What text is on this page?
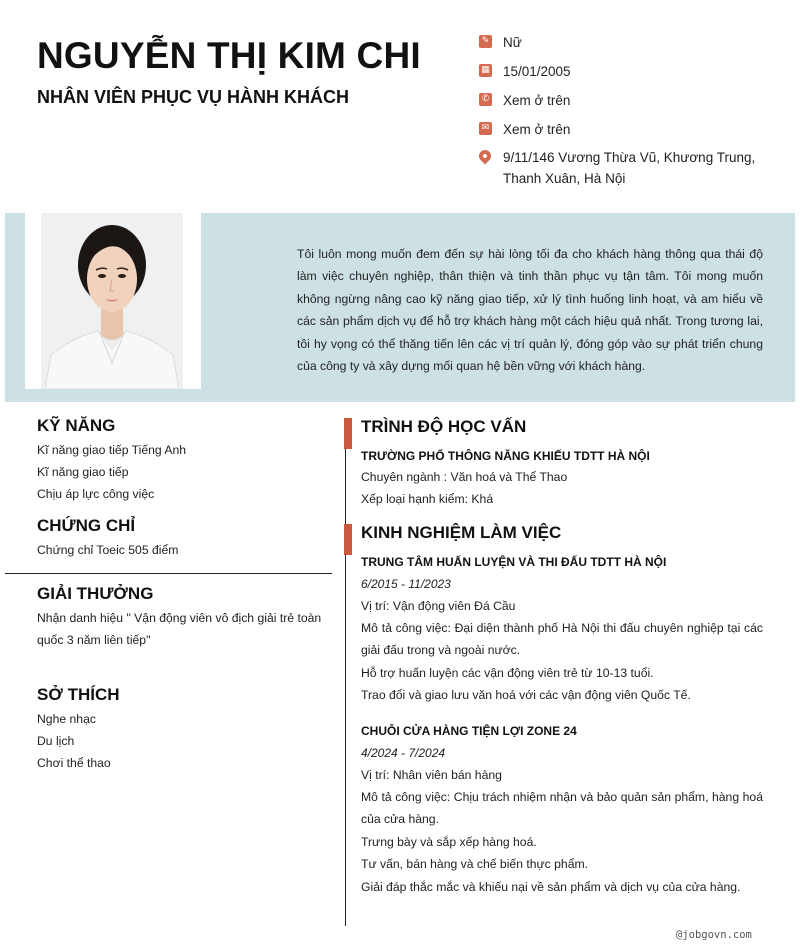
NGUYỄN THỊ KIM CHI
NHÂN VIÊN PHỤC VỤ HÀNH KHÁCH
✎ Nữ
▦ 15/01/2005
✆ Xem ở trên
✉ Xem ở trên
9/11/146 Vương Thừa Vũ, Khương Trung,
Thanh Xuân, Hà Nội
Tôi luôn mong muốn đem đến sự hài lòng tối đa cho khách hàng thông qua thái độ làm việc chuyên nghiệp, thân thiện và tinh thần phục vụ tận tâm. Tôi mong muốn không ngừng nâng cao kỹ năng giao tiếp, xử lý tình huống linh hoạt, và am hiểu về các sản phẩm dịch vụ để hỗ trợ khách hàng một cách hiệu quả nhất. Trong tương lai, tôi hy vọng có thể thăng tiến lên các vị trí quản lý, đóng góp vào sự phát triển chung của công ty và xây dựng mối quan hệ bền vững với khách hàng.
KỸ NĂNG
Kĩ năng giao tiếp Tiếng Anh
Kĩ năng giao tiếp
Chịu áp lực công việc
CHỨNG CHỈ
Chứng chỉ Toeic 505 điểm
GIẢI THƯỞNG
Nhận danh hiệu " Vận động viên vô địch giải trẻ toàn
quốc 3 năm liên tiếp"
SỞ THÍCH
Nghe nhạc
Du lịch
Chơi thể thao
TRÌNH ĐỘ HỌC VẤN
TRƯỜNG PHỔ THÔNG NĂNG KHIẾU TDTT HÀ NỘI
Chuyên ngành : Văn hoá và Thể Thao
Xếp loại hạnh kiểm: Khá
KINH NGHIỆM LÀM VIỆC
TRUNG TÂM HUẤN LUYỆN VÀ THI ĐẤU TDTT HÀ NỘI
6/2015 - 11/2023
Vị trí: Vận động viên Đá Cầu
Mô tả công việc: Đại diện thành phố Hà Nội thi đấu chuyên nghiệp tại các giải đấu trong và ngoài nước.
Hỗ trợ huấn luyện các vận động viên trẻ từ 10-13 tuổi.
Trao đổi và giao lưu văn hoá với các vận động viên Quốc Tế.
CHUỖI CỬA HÀNG TIỆN LỢI ZONE 24
4/2024 - 7/2024
Vị trí: Nhân viên bán hàng
Mô tả công việc: Chịu trách nhiệm nhận và bảo quản sản phẩm, hàng hoá của cửa hàng.
Trưng bày và sắp xếp hàng hoá.
Tư vấn, bán hàng và chế biến thực phẩm.
Giải đáp thắc mắc và khiếu nại về sản phẩm và dịch vụ của cửa hàng.
@jobgovn.com
